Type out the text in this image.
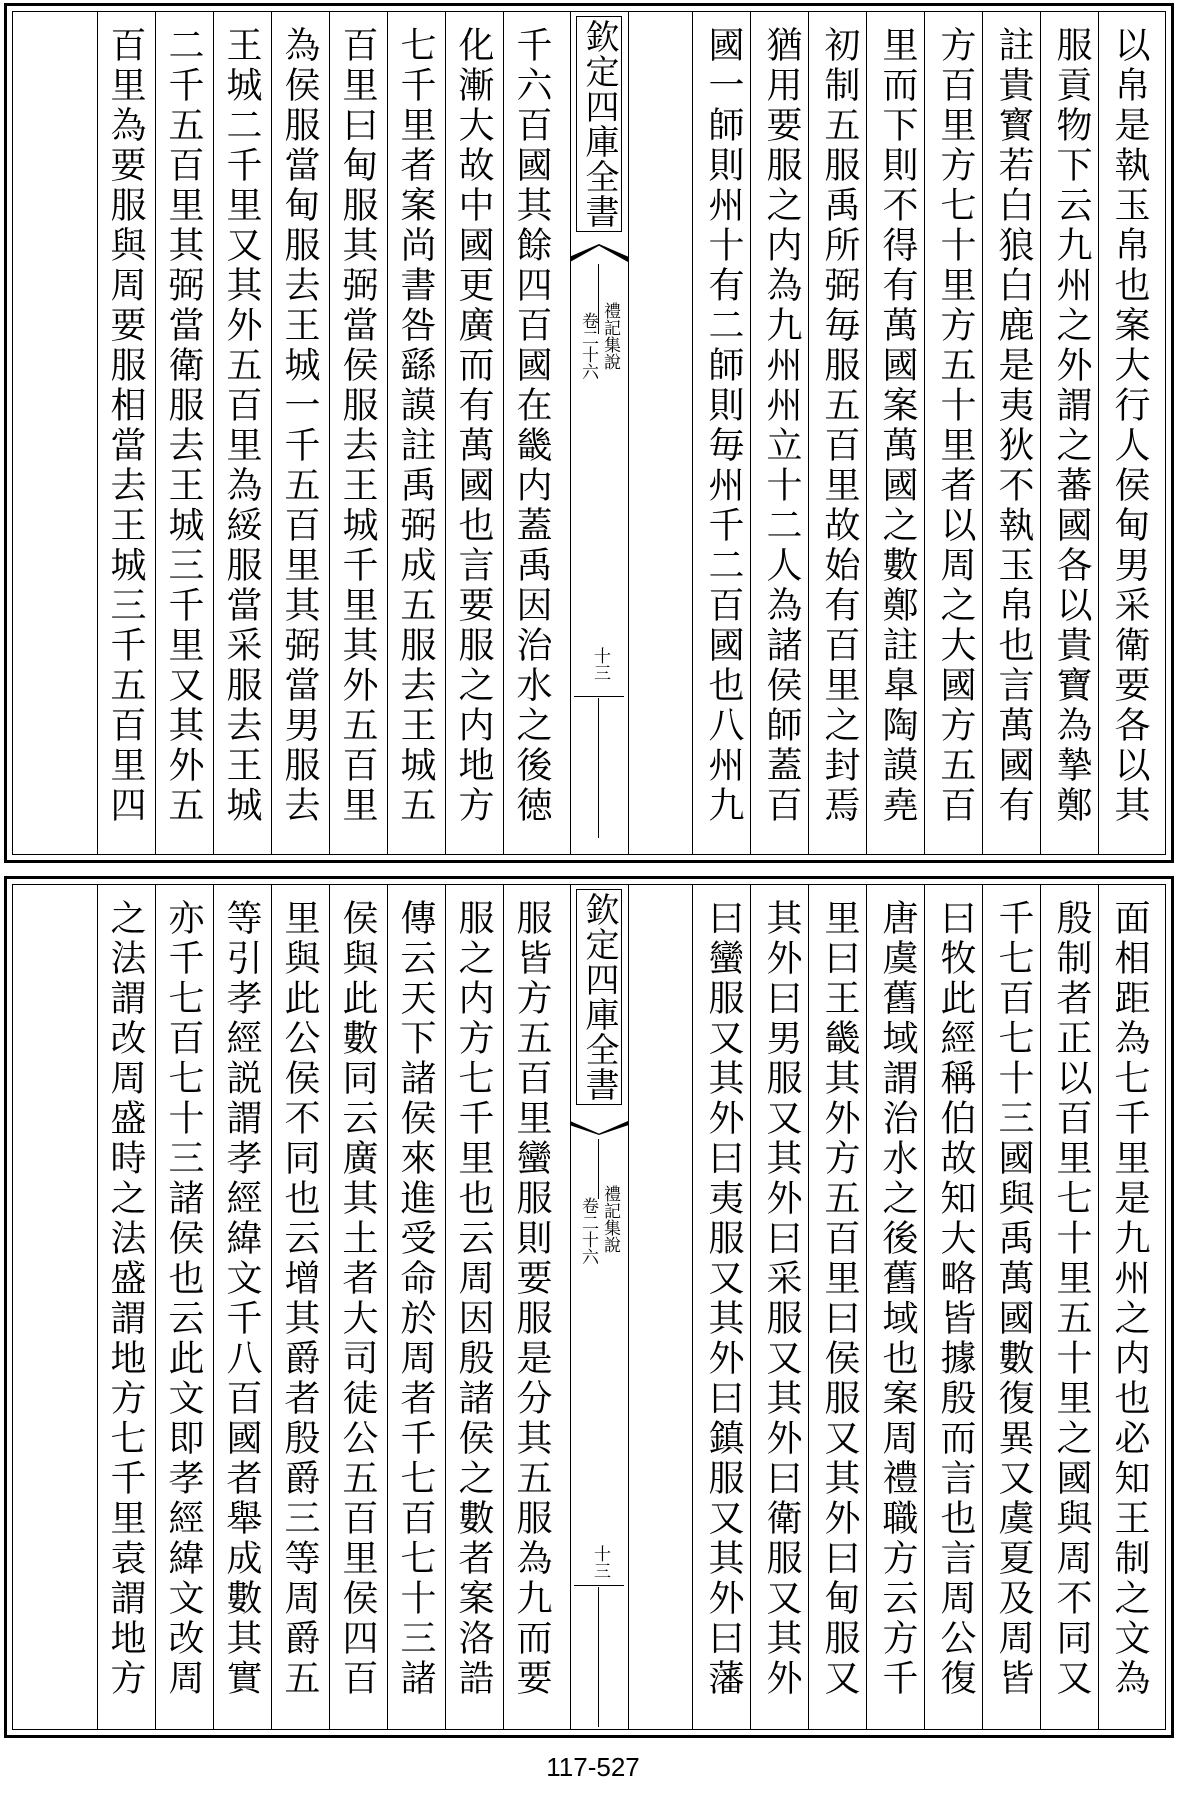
以帛是執玉帛也案大行人侯甸男采衛要各以其
服貢物下云九州之外謂之蕃國各以貴寶為摯鄭
註貴寳若白狼白鹿是夷狄不執玉帛也言萬國有
方百里方七十里方五十里者以周之大國方五百
里而下則不得有萬國案萬國之數鄭註臯陶謨堯
初制五服禹所弼毎服五百里故始有百里之封焉
猶用要服之内為九州州立十二人為諸侯師蓋百
國一師則州十有二師則毎州千二百國也八州九
欽定四庫全書
禮記集說
卷二十六
十三
千六百國其餘四百國在畿内蓋禹因治水之後徳
化漸大故中國更廣而有萬國也言要服之内地方
七千里者案尚書咎繇謨註禹弼成五服去王城五
百里曰甸服其弼當侯服去王城千里其外五百里
為侯服當甸服去王城一千五百里其弼當男服去
王城二千里又其外五百里為綏服當采服去王城
二千五百里其弼當衛服去王城三千里又其外五
百里為要服與周要服相當去王城三千五百里四
面相距為七千里是九州之内也必知王制之文為
殷制者正以百里七十里五十里之國與周不同又
千七百七十三國與禹萬國數復異又虞夏及周皆
曰牧此經稱伯故知大略皆據殷而言也言周公復
唐虞舊域謂治水之後舊域也案周禮職方云方千
里曰王畿其外方五百里曰侯服又其外曰甸服又
其外曰男服又其外曰采服又其外曰衛服又其外
曰蠻服又其外曰夷服又其外曰鎮服又其外曰藩
欽定四庫全書
禮記集說
卷二十六
十三
服皆方五百里蠻服則要服是分其五服為九而要
服之内方七千里也云周因殷諸侯之數者案洛誥
傳云天下諸侯來進受命於周者千七百七十三諸
侯與此數同云廣其土者大司徒公五百里侯四百
里與此公侯不同也云增其爵者殷爵三等周爵五
等引孝經説謂孝經緯文千八百國者舉成數其實
亦千七百七十三諸侯也云此文即孝經緯文改周
之法謂改周盛時之法盛謂地方七千里袁謂地方
117-527
